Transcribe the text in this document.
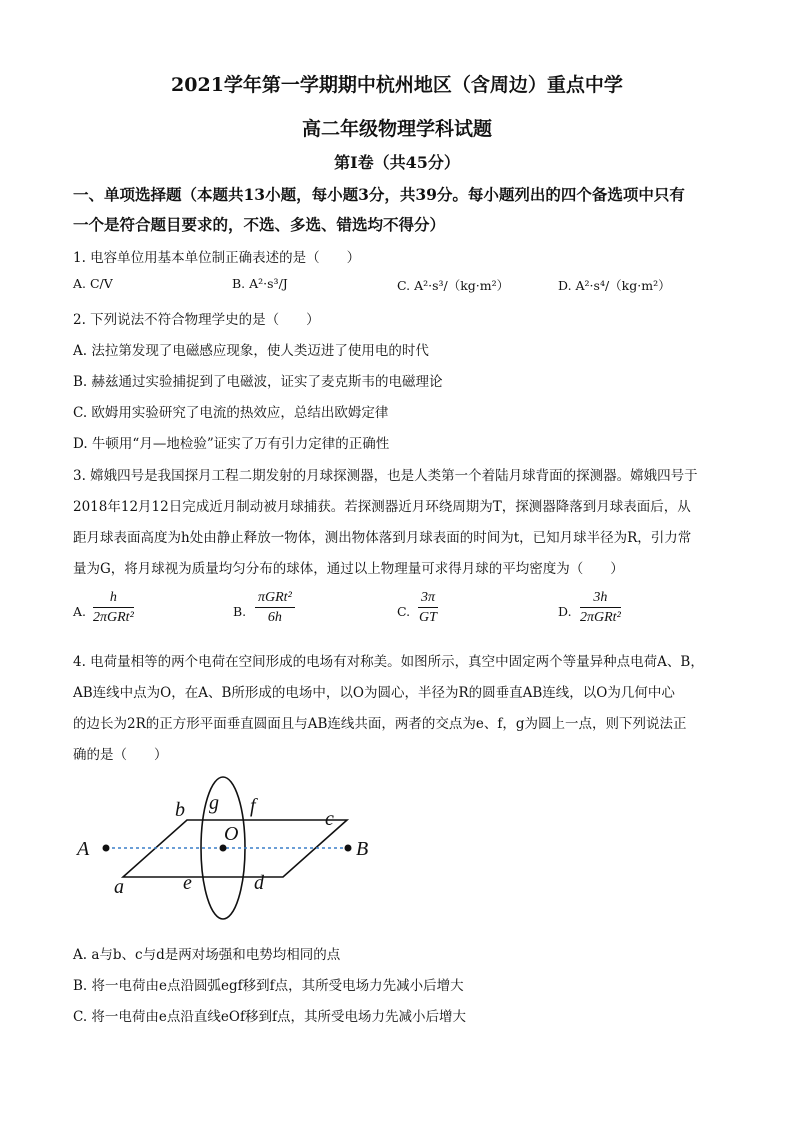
2021学年第一学期期中杭州地区（含周边）重点中学
高二年级物理学科试题
第I卷（共45分）
一、单项选择题（本题共13小题，每小题3分，共39分。每小题列出的四个备选项中只有
一个是符合题目要求的，不选、多选、错选均不得分）
1. 电容单位用基本单位制正确表述的是（　　）
A. C/V	B. A²·s³/J	C. A²·s³/（kg·m²）	D. A²·s⁴/（kg·m²）
2. 下列说法不符合物理学史的是（　　）
A. 法拉第发现了电磁感应现象，使人类迈进了使用电的时代
B. 赫兹通过实验捕捉到了电磁波，证实了麦克斯韦的电磁理论
C. 欧姆用实验研究了电流的热效应，总结出欧姆定律
D. 牛顿用“月—地检验”证实了万有引力定律的正确性
3. 嫦娥四号是我国探月工程二期发射的月球探测器，也是人类第一个着陆月球背面的探测器。嫦娥四号于
2018年12月12日完成近月制动被月球捕获。若探测器近月环绕周期为T，探测器降落到月球表面后，从
距月球表面高度为h处由静止释放一物体，测出物体落到月球表面的时间为t，已知月球半径为R，引力常
量为G，将月球视为质量均匀分布的球体，通过以上物理量可求得月球的平均密度为（　　）
A.
h
2πGRt²	B.
πGRt²
6h	C. $\frac{3\pi}{GT}$	D.
3h
2πGRt²
4. 电荷量相等的两个电荷在空间形成的电场有对称美。如图所示，真空中固定两个等量异种点电荷A、B，
AB连线中点为O，在A、B所形成的电场中，以O为圆心，半径为R的圆垂直AB连线，以O为几何中心
的边长为2R的正方形平面垂直圆面且与AB连线共面，两者的交点为e、f，g为圆上一点，则下列说法正
确的是（　　）
A	B
O
a
b	c
d
e
f
g
A. a与b、c与d是两对场强和电势均相同的点
B. 将一电荷由e点沿圆弧egf移到f点，其所受电场力先减小后增大
C. 将一电荷由e点沿直线eOf移到f点，其所受电场力先减小后增大
